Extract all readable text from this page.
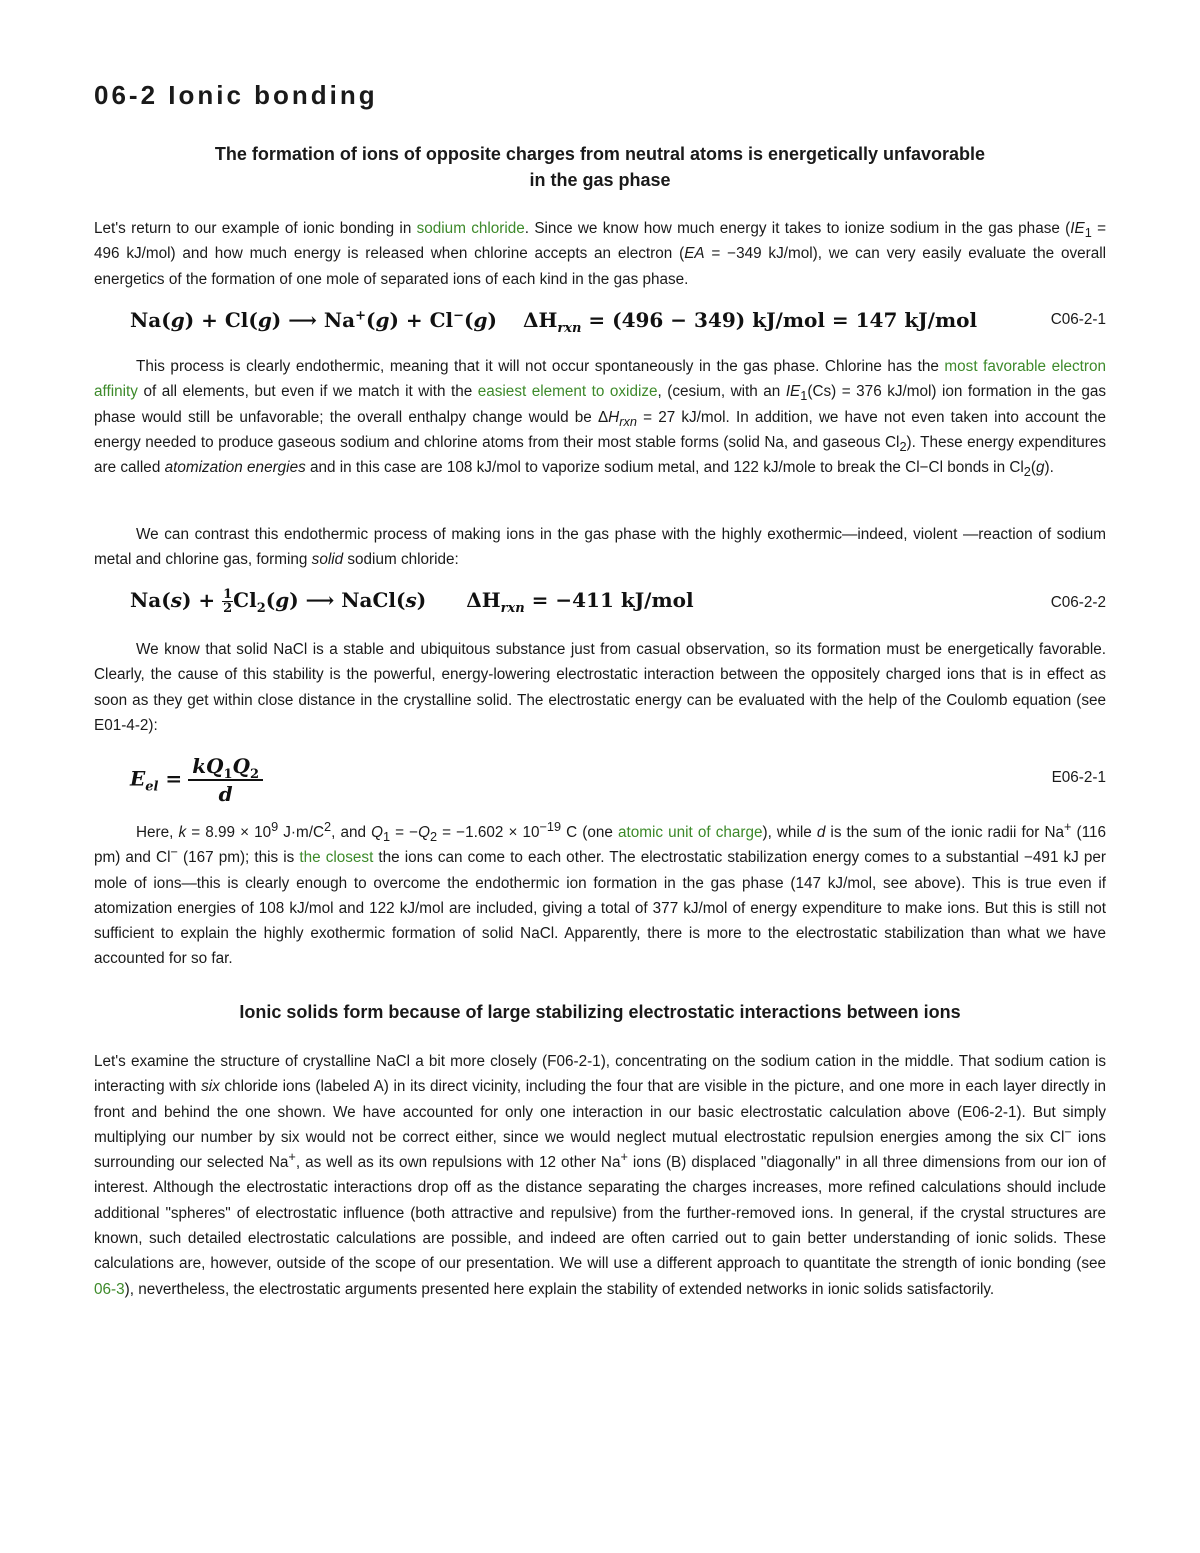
06-2 Ionic bonding
The formation of ions of opposite charges from neutral atoms is energetically unfavorable
in the gas phase

Let's return to our example of ionic bonding in sodium chloride. Since we know how much energy it takes to ionize sodium in the gas phase ($IE_1 = 496$ kJ/mol) and how much energy is released when chlorine accepts an electron (EA = −349 kJ/mol), we can very easily evaluate the overall energetics of the formation of one mole of separated ions of each kind in the gas phase.

Na(g) + Cl(g) ⟶ Na+(g) + Cl−(g) $\Delta H_{rxn} = (496 - 349) kJ/mol = 147$ kJ/mol	C06-2-1

This process is clearly endothermic, meaning that it will not occur spontaneously in the gas phase. Chlorine has the most favorable electron affinity of all elements, but even if we match it with the easiest element to oxidize, (cesium, with an $IE_1(Cs) = 376$ kJ/mol) ion formation in the gas phase would still be unfavorable; the overall enthalpy change would be $\Delta H_{rxn} = 27$ kJ/mol. In addition, we have not even taken into account the energy needed to produce gaseous sodium and chlorine atoms from their most stable forms (solid Na, and gaseous $Cl_2$). These energy expenditures are called atomization energies and in this case are 108 kJ/mol to vaporize sodium metal, and 122 kJ/mole to break the Cl−Cl bonds in $Cl_2(g)$.

We can contrast this endothermic process of making ions in the gas phase with the highly exothermic—indeed, violent —reaction of sodium metal and chlorine gas, forming solid sodium chloride:

$Na(s) + \frac{1}{2} Cl_2(g)$ ⟶ NaCl(s) $\Delta H_{rxn} = -411$ kJ/mol	C06-2-2

We know that solid NaCl is a stable and ubiquitous substance just from casual observation, so its formation must be energetically favorable. Clearly, the cause of this stability is the powerful, energy-lowering electrostatic interaction between the oppositely charged ions that is in effect as soon as they get within close distance in the crystalline solid. The electrostatic energy can be evaluated with the help of the Coulomb equation (see E01-4-2):

$E_{el} = \frac{kQ_1Q_2}{d}$	E06-2-1

Here, $k = 8.99 \times 10^9$ $J\cdot m/C^2$, and $Q_1 = -Q_2 = -1.602 \times 10^{-19}$ C (one atomic unit of charge), while d is the sum of the ionic radii for Na+ (116 pm) and Cl− (167 pm); this is the closest the ions can come to each other. The electrostatic stabilization energy comes to a substantial −491 kJ per mole of ions—this is clearly enough to overcome the endothermic ion formation in the gas phase (147 kJ/mol, see above). This is true even if atomization energies of 108 kJ/mol and 122 kJ/mol are included, giving a total of 377 kJ/mol of energy expenditure to make ions. But this is still not sufficient to explain the highly exothermic formation of solid NaCl. Apparently, there is more to the electrostatic stabilization than what we have accounted for so far.

Ionic solids form because of large stabilizing electrostatic interactions between ions

Let's examine the structure of crystalline NaCl a bit more closely (F06-2-1), concentrating on the sodium cation in the middle. That sodium cation is interacting with six chloride ions (labeled A) in its direct vicinity, including the four that are visible in the picture, and one more in each layer directly in front and behind the one shown. We have accounted for only one interaction in our basic electrostatic calculation above (E06-2-1). But simply multiplying our number by six would not be correct either, since we would neglect mutual electrostatic repulsion energies among the six Cl− ions surrounding our selected Na+, as well as its own repulsions with 12 other Na+ ions (B) displaced "diagonally" in all three dimensions from our ion of interest. Although the electrostatic interactions drop off as the distance separating the charges increases, more refined calculations should include additional "spheres" of electrostatic influence (both attractive and repulsive) from the further-removed ions. In general, if the crystal structures are known, such detailed electrostatic calculations are possible, and indeed are often carried out to gain better understanding of ionic solids. These calculations are, however, outside of the scope of our presentation. We will use a different approach to quantitate the strength of ionic bonding (see 06-3), nevertheless, the electrostatic arguments presented here explain the stability of extended networks in ionic solids satisfactorily.
